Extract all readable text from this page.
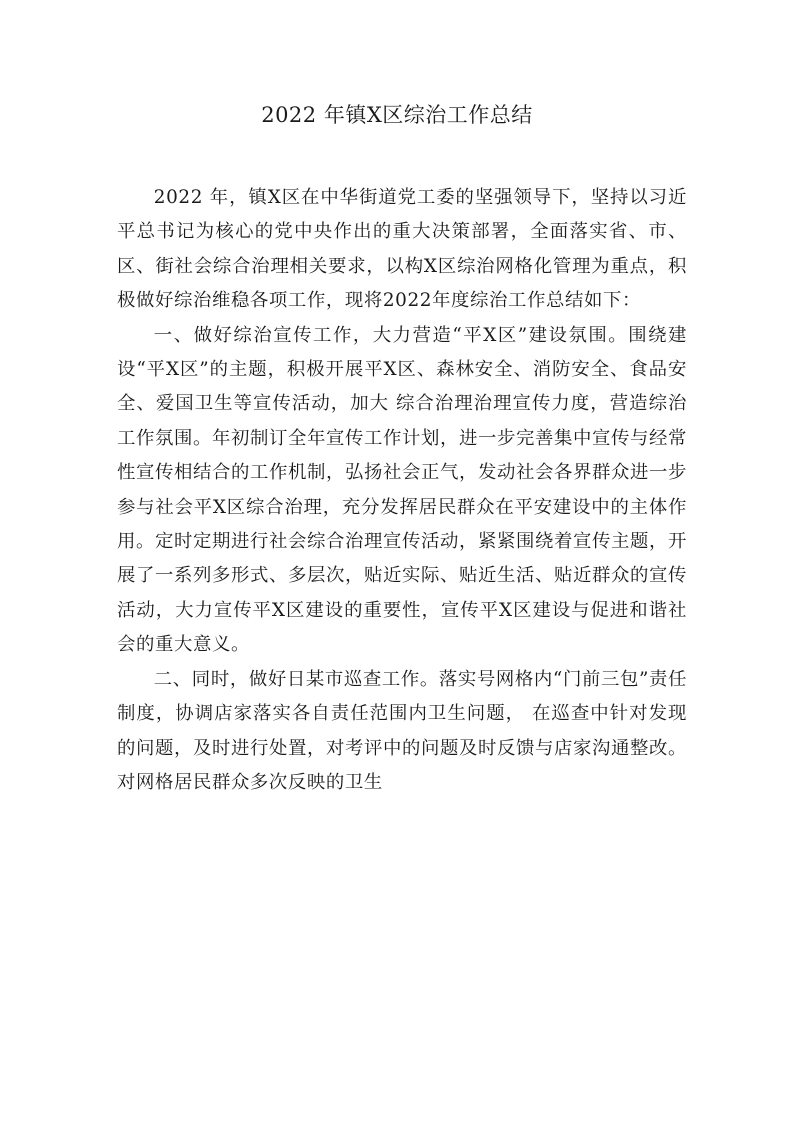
2022 年镇X区综治工作总结

2022 年，镇X区在中华街道党工委的坚强领导下，坚持以习近平总书记为核心的党中央作出的重大决策部署，全面落实省、市、区、街社会综合治理相关要求，以构X区综治网格化管理为重点，积极做好综治维稳各项工作，现将2022年度综治工作总结如下：

一、做好综治宣传工作，大力营造“平X区”建设氛围。围绕建设“平X区”的主题，积极开展平X区、森林安全、消防安全、食品安全、爱国卫生等宣传活动，加大 综合治理治理宣传力度，营造综治工作氛围。年初制订全年宣传工作计划，进一步完善集中宣传与经常性宣传相结合的工作机制，弘扬社会正气，发动社会各界群众进一步参与社会平X区综合治理，充分发挥居民群众在平安建设中的主体作用。定时定期进行社会综合治理宣传活动，紧紧围绕着宣传主题，开展了一系列多形式、多层次，贴近实际、贴近生活、贴近群众的宣传活动，大力宣传平X区建设的重要性，宣传平X区建设与促进和谐社会的重大意义。

二、同时，做好日某市巡查工作。落实号网格内“门前三包”责任制度，协调店家落实各自责任范围内卫生问题， 在巡查中针对发现的问题，及时进行处置，对考评中的问题及时反馈与店家沟通整改。对网格居民群众多次反映的卫生
